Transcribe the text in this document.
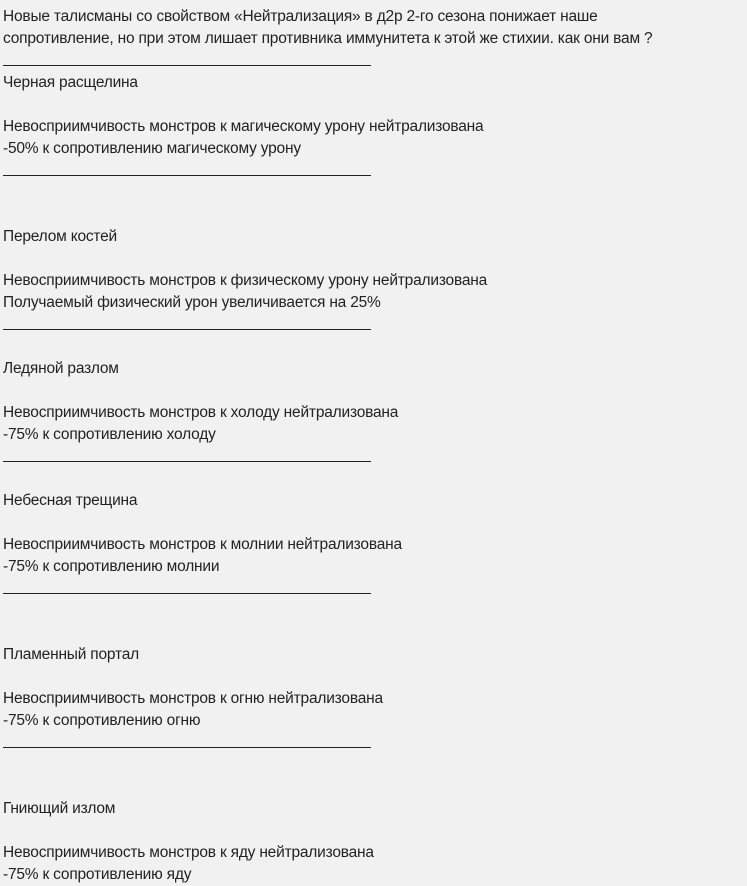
Новые талисманы со свойством «Нейтрализация» в д2р 2-го сезона понижает наше
сопротивление, но при этом лишает противника иммунитета к этой же стихии. как они вам ?
Черная расщелина
Невосприимчивость монстров к магическому урону нейтрализована
-50% к сопротивлению магическому урону
Перелом костей
Невосприимчивость монстров к физическому урону нейтрализована
Получаемый физический урон увеличивается на 25%
Ледяной разлом
Невосприимчивость монстров к холоду нейтрализована
-75% к сопротивлению холоду
Небесная трещина
Невосприимчивость монстров к молнии нейтрализована
-75% к сопротивлению молнии
Пламенный портал
Невосприимчивость монстров к огню нейтрализована
-75% к сопротивлению огню
Гниющий излом
Невосприимчивость монстров к яду нейтрализована
-75% к сопротивлению яду
